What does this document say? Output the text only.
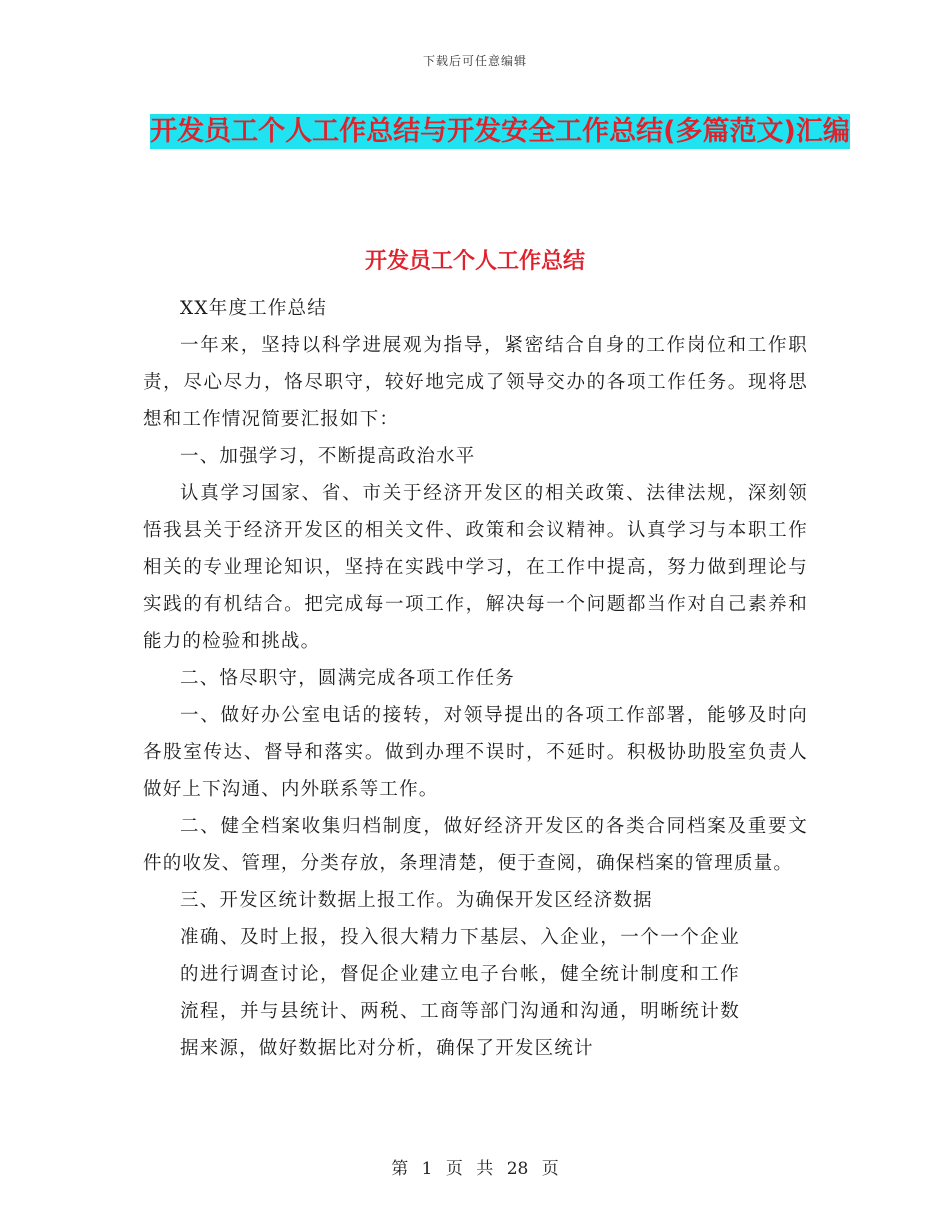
下载后可任意编辑
开发员工个人工作总结与开发安全工作总结(多篇范文)汇编
开发员工个人工作总结

XX年度工作总结

一年来，坚持以科学进展观为指导，紧密结合自身的工作岗位和工作职责，尽心尽力，恪尽职守，较好地完成了领导交办的各项工作任务。现将思想和工作情况简要汇报如下：

一、加强学习，不断提高政治水平

认真学习国家、省、市关于经济开发区的相关政策、法律法规，深刻领悟我县关于经济开发区的相关文件、政策和会议精神。认真学习与本职工作相关的专业理论知识，坚持在实践中学习，在工作中提高，努力做到理论与实践的有机结合。把完成每一项工作，解决每一个问题都当作对自己素养和能力的检验和挑战。

二、恪尽职守，圆满完成各项工作任务

一、做好办公室电话的接转，对领导提出的各项工作部署，能够及时向各股室传达、督导和落实。做到办理不误时，不延时。积极协助股室负责人做好上下沟通、内外联系等工作。

二、健全档案收集归档制度，做好经济开发区的各类合同档案及重要文件的收发、管理，分类存放，条理清楚，便于查阅，确保档案的管理质量。

三、开发区统计数据上报工作。为确保开发区经济数据

准确、及时上报，投入很大精力下基层、入企业，一个一个企业的进行调查讨论，督促企业建立电子台帐，健全统计制度和工作流程，并与县统计、两税、工商等部门沟通和沟通，明晰统计数据来源，做好数据比对分析，确保了开发区统计

第 1 页 共 28 页
